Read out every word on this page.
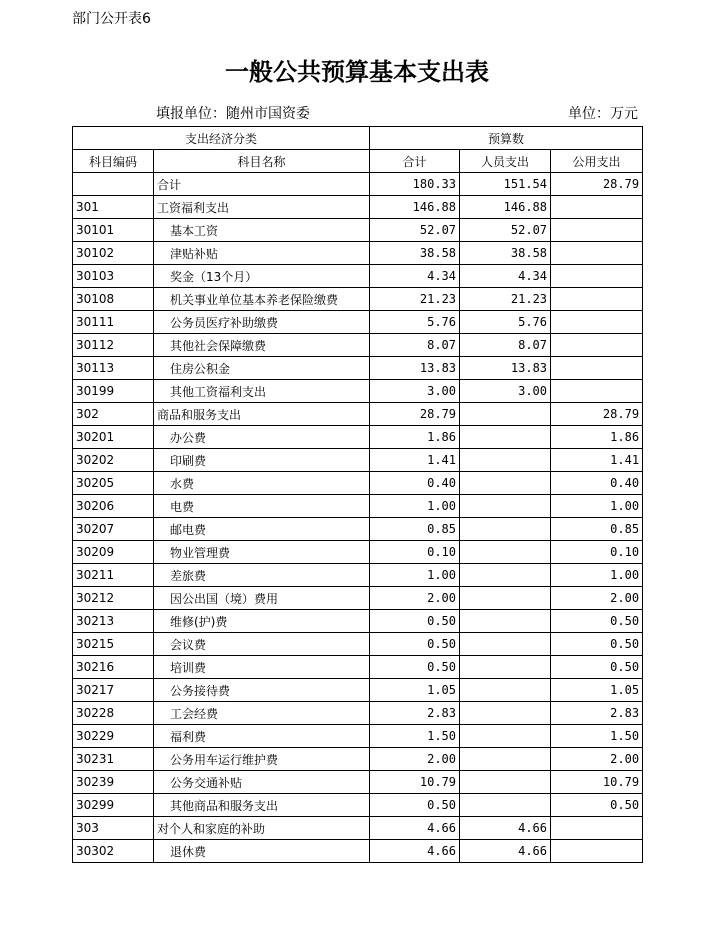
部门公开表6
一般公共预算基本支出表
填报单位：随州市国资委	单位：万元
支出经济分类		预算数		
科目编码	科目名称	合计	人员支出	公用支出
	合计	180.33	151.54	28.79
301	工资福利支出	146.88	146.88	
30101	基本工资	52.07	52.07	
30102	津贴补贴	38.58	38.58	
30103	奖金（13个月）	4.34	4.34	
30108	机关事业单位基本养老保险缴费	21.23	21.23	
30111	公务员医疗补助缴费	5.76	5.76	
30112	其他社会保障缴费	8.07	8.07	
30113	住房公积金	13.83	13.83	
30199	其他工资福利支出	3.00	3.00	
302	商品和服务支出	28.79		28.79
30201	办公费	1.86		1.86
30202	印刷费	1.41		1.41
30205	水费	0.40		0.40
30206	电费	1.00		1.00
30207	邮电费	0.85		0.85
30209	物业管理费	0.10		0.10
30211	差旅费	1.00		1.00
30212	因公出国（境）费用	2.00		2.00
30213	维修(护)费	0.50		0.50
30215	会议费	0.50		0.50
30216	培训费	0.50		0.50
30217	公务接待费	1.05		1.05
30228	工会经费	2.83		2.83
30229	福利费	1.50		1.50
30231	公务用车运行维护费	2.00		2.00
30239	公务交通补贴	10.79		10.79
30299	其他商品和服务支出	0.50		0.50
303	对个人和家庭的补助	4.66	4.66	
30302	退休费	4.66	4.66	
